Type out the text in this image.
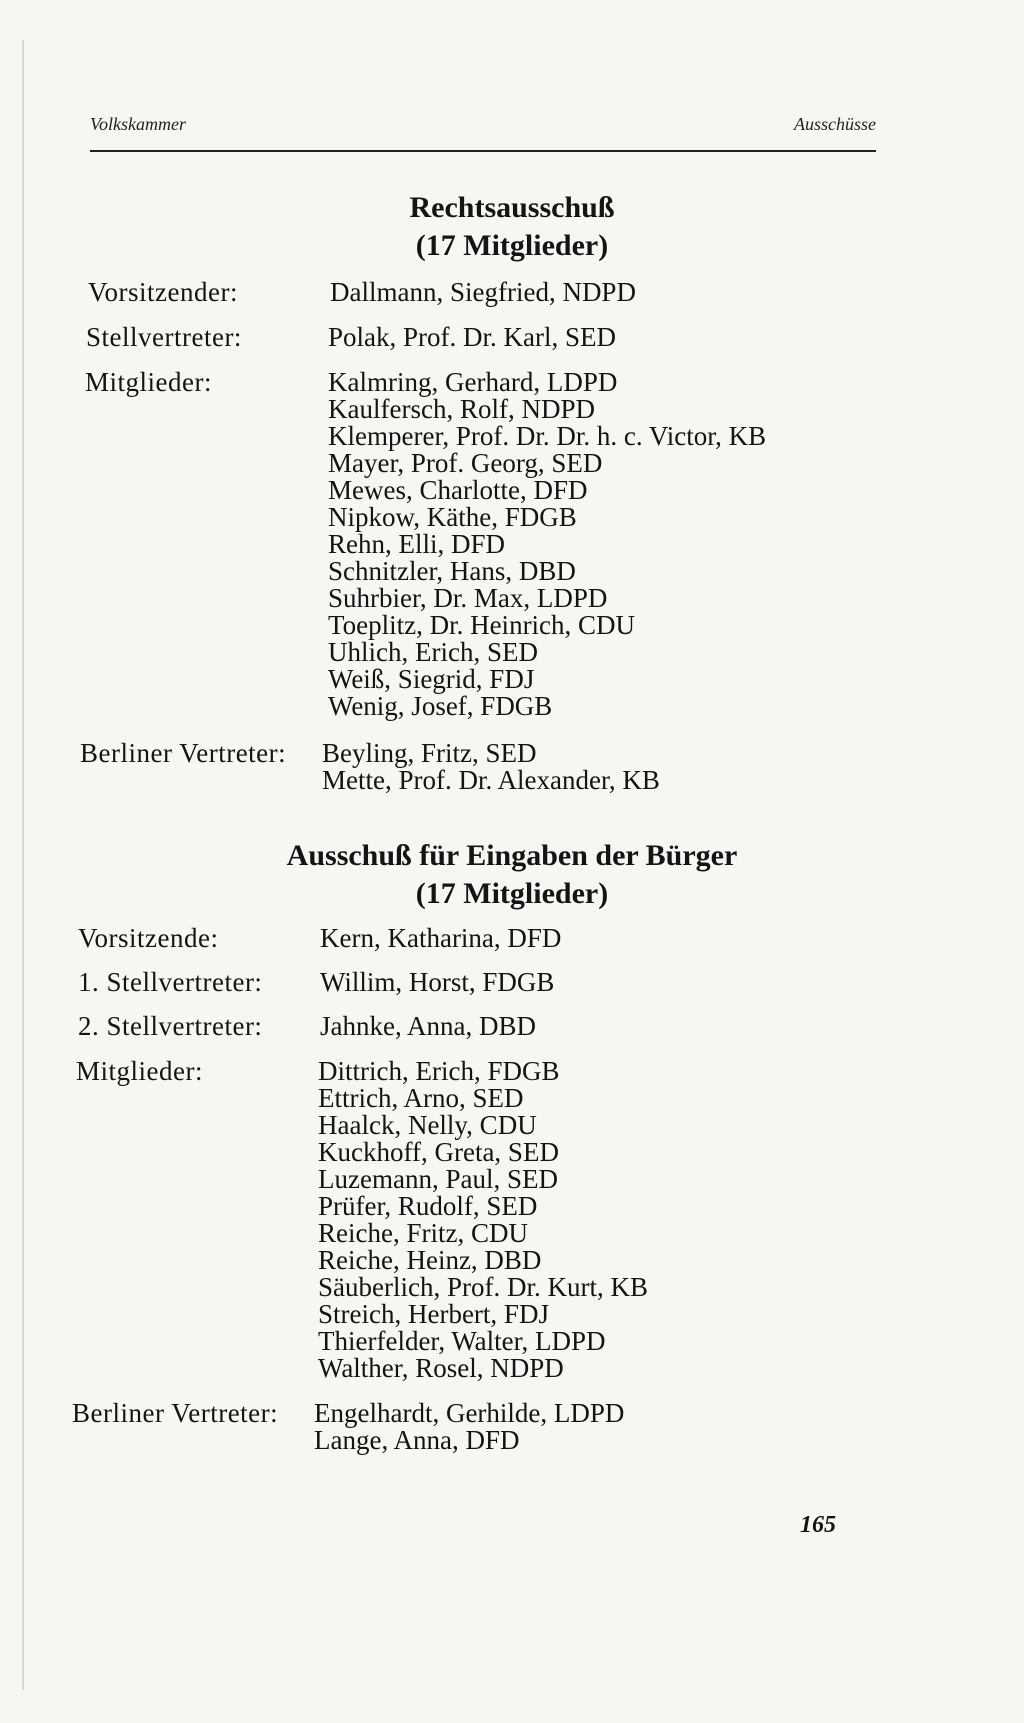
Volkskammer	Ausschüsse
Rechtsausschuß
(17 Mitglieder)
Vorsitzender:	Dallmann, Siegfried, NDPD
Stellvertreter:	Polak, Prof. Dr. Karl, SED
Mitglieder:	Kalmring, Gerhard, LDPD
Kaulfersch, Rolf, NDPD
Klemperer, Prof. Dr. Dr. h. c. Victor, KB
Mayer, Prof. Georg, SED
Mewes, Charlotte, DFD
Nipkow, Käthe, FDGB
Rehn, Elli, DFD
Schnitzler, Hans, DBD
Suhrbier, Dr. Max, LDPD
Toeplitz, Dr. Heinrich, CDU
Uhlich, Erich, SED
Weiß, Siegrid, FDJ
Wenig, Josef, FDGB
Berliner Vertreter: Beyling, Fritz, SED
Mette, Prof. Dr. Alexander, KB
Ausschuß für Eingaben der Bürger
(17 Mitglieder)
Vorsitzende:	Kern, Katharina, DFD
1. Stellvertreter: Willim, Horst, FDGB
2. Stellvertreter: Jahnke, Anna, DBD
Mitglieder:	Dittrich, Erich, FDGB
Ettrich, Arno, SED
Haalck, Nelly, CDU
Kuckhoff, Greta, SED
Luzemann, Paul, SED
Prüfer, Rudolf, SED
Reiche, Fritz, CDU
Reiche, Heinz, DBD
Säuberlich, Prof. Dr. Kurt, KB
Streich, Herbert, FDJ
Thierfelder, Walter, LDPD
Walther, Rosel, NDPD
Berliner Vertreter: Engelhardt, Gerhilde, LDPD
Lange, Anna, DFD
165
